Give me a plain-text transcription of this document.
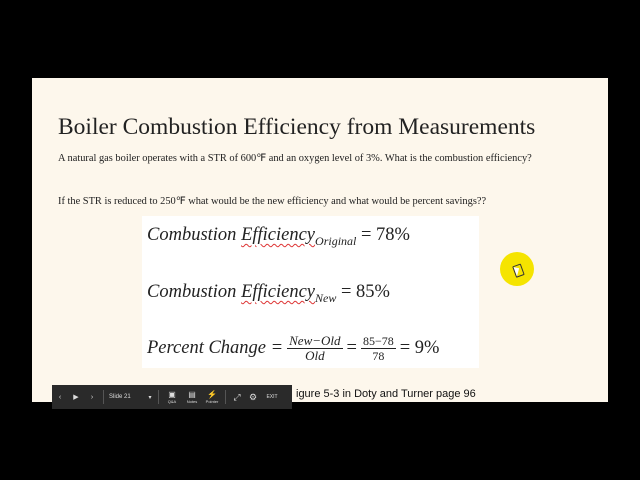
Boiler Combustion Efficiency from Measurements
A natural gas boiler operates with a STR of 600℉ and an oxygen level of 3%. What is the combustion efficiency?
If the STR is reduced to 250℉ what would be the new efficiency and what would be percent savings??
Combustion Efficiency$_{Original}$ = 78%
Combustion Efficiency$_{New}$ = 85%
Percent Change = $\frac{\text{New−Old}}{\text{Old}} = \frac{85-78}{78} = 9\%$
igure 5-3 in Doty and Turner page 96
‹ ▶ ›	Slide 21	▾ ▣
Q&A
▤
Notes
⚡
Pointer ⤢ ⚙ EXIT
